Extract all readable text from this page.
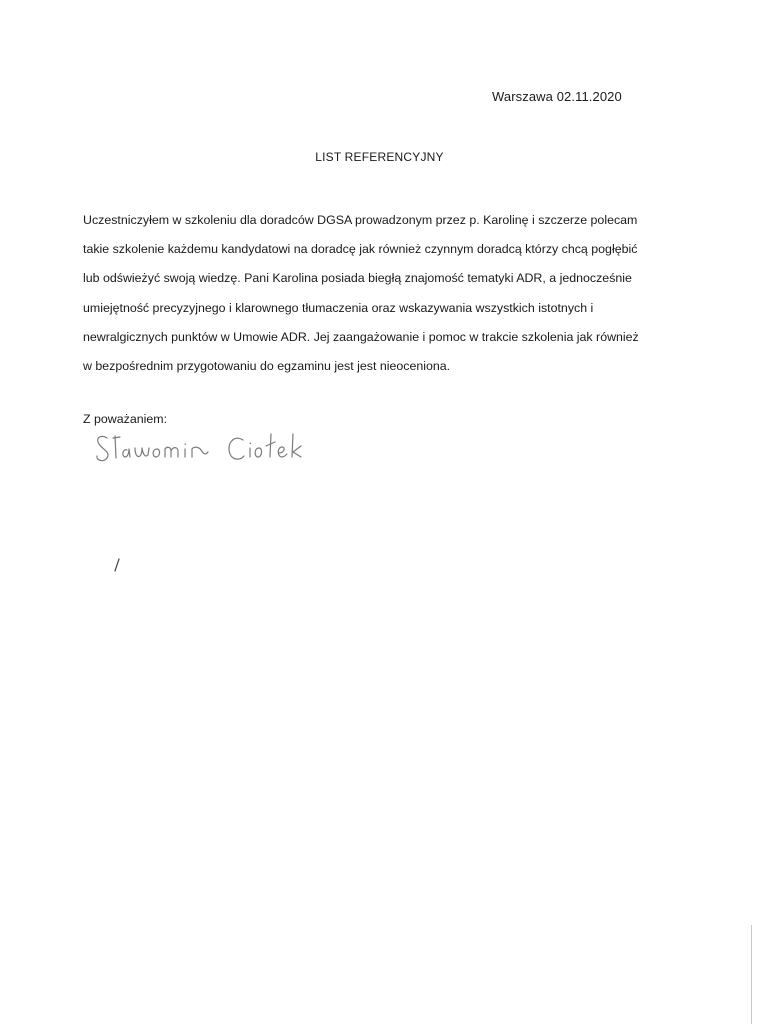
Warszawa 02.11.2020
LIST REFERENCYJNY
Uczestniczyłem w szkoleniu dla doradców DGSA prowadzonym przez p. Karolinę i szczerze polecam
takie szkolenie każdemu kandydatowi na doradcę jak również czynnym doradcą którzy chcą pogłębić
lub odświeżyć swoją wiedzę. Pani Karolina posiada biegłą znajomość tematyki ADR, a jednocześnie
umiejętność precyzyjnego i klarownego tłumaczenia oraz wskazywania wszystkich istotnych i
newralgicznych punktów w Umowie ADR. Jej zaangażowanie i pomoc w trakcie szkolenia jak również
w bezpośrednim przygotowaniu do egzaminu jest jest nieoceniona.
Z poważaniem:
